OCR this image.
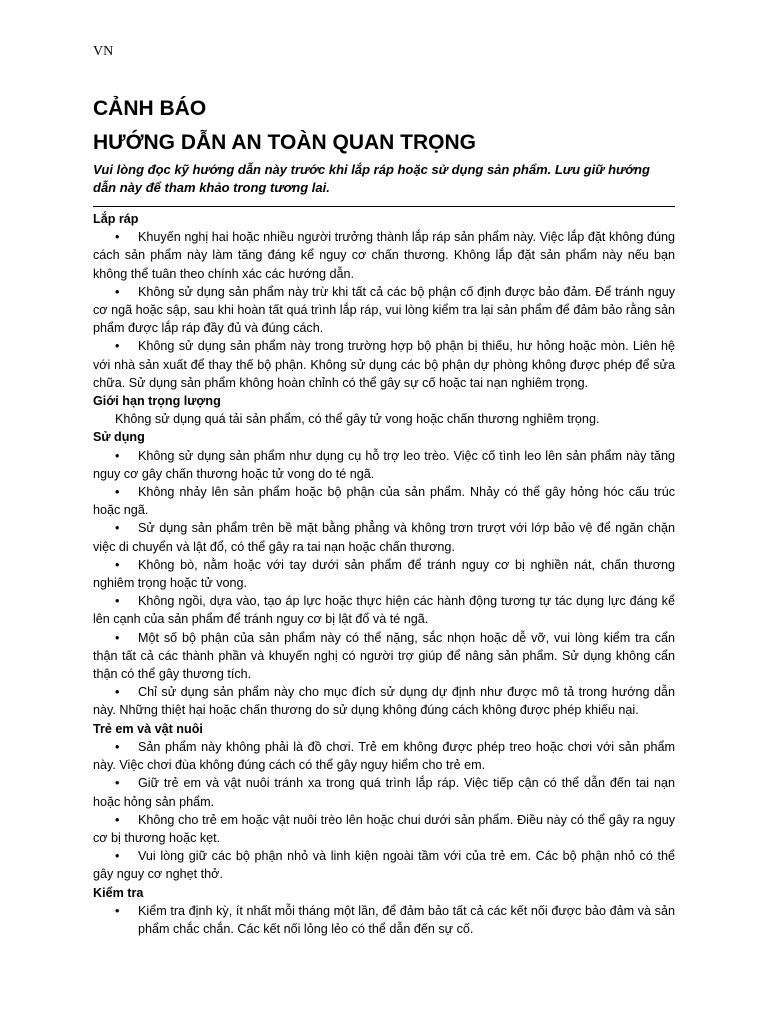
VN
CẢNH BÁO
HƯỚNG DẪN AN TOÀN QUAN TRỌNG
Vui lòng đọc kỹ hướng dẫn này trước khi lắp ráp hoặc sử dụng sản phẩm. Lưu giữ hướng dẫn này để tham khảo trong tương lai.
Lắp ráp
• Khuyến nghị hai hoặc nhiều người trưởng thành lắp ráp sản phẩm này. Việc lắp đặt không đúng cách sản phẩm này làm tăng đáng kể nguy cơ chấn thương. Không lắp đặt sản phẩm này nếu bạn không thể tuân theo chính xác các hướng dẫn.
• Không sử dụng sản phẩm này trừ khi tất cả các bộ phận cố định được bảo đảm. Để tránh nguy cơ ngã hoặc sập, sau khi hoàn tất quá trình lắp ráp, vui lòng kiểm tra lại sản phẩm để đảm bảo rằng sản phẩm được lắp ráp đầy đủ và đúng cách.
• Không sử dụng sản phẩm này trong trường hợp bộ phận bị thiếu, hư hỏng hoặc mòn. Liên hệ với nhà sản xuất để thay thế bộ phận. Không sử dụng các bộ phận dự phòng không được phép để sửa chữa. Sử dụng sản phẩm không hoàn chỉnh có thể gây sự cố hoặc tai nạn nghiêm trọng.
Giới hạn trọng lượng
Không sử dụng quá tải sản phẩm, có thể gây tử vong hoặc chấn thương nghiêm trọng.
Sử dụng
• Không sử dụng sản phẩm như dụng cụ hỗ trợ leo trèo. Việc cố tình leo lên sản phẩm này tăng nguy cơ gây chấn thương hoặc tử vong do té ngã.
• Không nhảy lên sản phẩm hoặc bộ phận của sản phẩm. Nhảy có thể gây hỏng hóc cấu trúc hoặc ngã.
• Sử dụng sản phẩm trên bề mặt bằng phẳng và không trơn trượt với lớp bảo vệ để ngăn chặn việc di chuyển và lật đổ, có thể gây ra tai nạn hoặc chấn thương.
• Không bò, nằm hoặc với tay dưới sản phẩm để tránh nguy cơ bị nghiền nát, chấn thương nghiêm trọng hoặc tử vong.
• Không ngồi, dựa vào, tạo áp lực hoặc thực hiện các hành động tương tự tác dụng lực đáng kể lên cạnh của sản phẩm để tránh nguy cơ bị lật đổ và té ngã.
• Một số bộ phận của sản phẩm này có thể nặng, sắc nhọn hoặc dễ vỡ, vui lòng kiểm tra cẩn thận tất cả các thành phần và khuyến nghị có người trợ giúp để nâng sản phẩm. Sử dụng không cẩn thận có thể gây thương tích.
• Chỉ sử dụng sản phẩm này cho mục đích sử dụng dự định như được mô tả trong hướng dẫn này. Những thiệt hại hoặc chấn thương do sử dụng không đúng cách không được phép khiếu nại.
Trẻ em và vật nuôi
• Sản phẩm này không phải là đồ chơi. Trẻ em không được phép treo hoặc chơi với sản phẩm này. Việc chơi đùa không đúng cách có thể gây nguy hiểm cho trẻ em.
• Giữ trẻ em và vật nuôi tránh xa trong quá trình lắp ráp. Việc tiếp cận có thể dẫn đến tai nạn hoặc hỏng sản phẩm.
• Không cho trẻ em hoặc vật nuôi trèo lên hoặc chui dưới sản phẩm. Điều này có thể gây ra nguy cơ bị thương hoặc kẹt.
• Vui lòng giữ các bộ phận nhỏ và linh kiện ngoài tầm với của trẻ em. Các bộ phận nhỏ có thể gây nguy cơ nghẹt thở.
Kiểm tra
• Kiểm tra định kỳ, ít nhất mỗi tháng một lần, để đảm bảo tất cả các kết nối được bảo đảm và sản phẩm chắc chắn. Các kết nối lỏng lẻo có thể dẫn đến sự cố.
